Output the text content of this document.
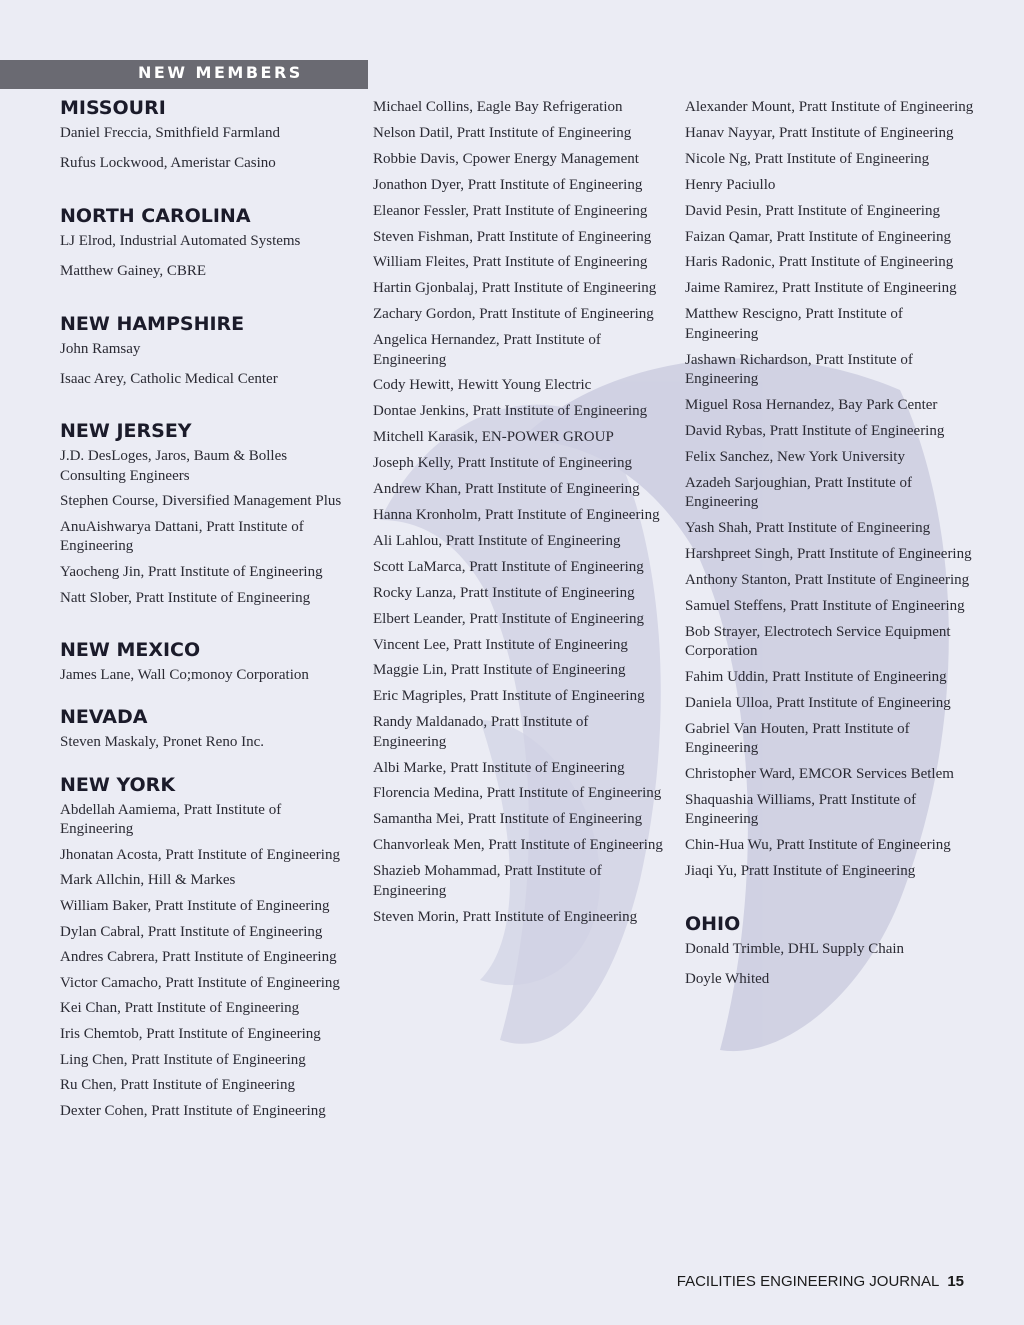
NEW MEMBERS
MISSOURI
Daniel Freccia, Smithfield Farmland
Rufus Lockwood, Ameristar Casino
NORTH CAROLINA
LJ Elrod, Industrial Automated Systems
Matthew Gainey, CBRE
NEW HAMPSHIRE
John Ramsay
Isaac Arey, Catholic Medical Center
NEW JERSEY
J.D. DesLoges, Jaros, Baum & Bolles Consulting Engineers
Stephen Course, Diversified Management Plus
AnuAishwarya Dattani, Pratt Institute of Engineering
Yaocheng Jin, Pratt Institute of Engineering
Natt Slober, Pratt Institute of Engineering
NEW MEXICO
James Lane, Wall Co;monoy Corporation
NEVADA
Steven Maskaly, Pronet Reno Inc.
NEW YORK
Abdellah Aamiema, Pratt Institute of Engineering
Jhonatan Acosta, Pratt Institute of Engineering
Mark Allchin, Hill & Markes
William Baker, Pratt Institute of Engineering
Dylan Cabral, Pratt Institute of Engineering
Andres Cabrera, Pratt Institute of Engineering
Victor Camacho, Pratt Institute of Engineering
Kei Chan, Pratt Institute of Engineering
Iris Chemtob, Pratt Institute of Engineering
Ling Chen, Pratt Institute of Engineering
Ru Chen, Pratt Institute of Engineering
Dexter Cohen, Pratt Institute of Engineering
Michael Collins, Eagle Bay Refrigeration
Nelson Datil, Pratt Institute of Engineering
Robbie Davis, Cpower Energy Management
Jonathon Dyer, Pratt Institute of Engineering
Eleanor Fessler, Pratt Institute of Engineering
Steven Fishman, Pratt Institute of Engineering
William Fleites, Pratt Institute of Engineering
Hartin Gjonbalaj, Pratt Institute of Engineering
Zachary Gordon, Pratt Institute of Engineering
Angelica Hernandez, Pratt Institute of Engineering
Cody Hewitt, Hewitt Young Electric
Dontae Jenkins, Pratt Institute of Engineering
Mitchell Karasik, EN-POWER GROUP
Joseph Kelly, Pratt Institute of Engineering
Andrew Khan, Pratt Institute of Engineering
Hanna Kronholm, Pratt Institute of Engineering
Ali Lahlou, Pratt Institute of Engineering
Scott LaMarca, Pratt Institute of Engineering
Rocky Lanza, Pratt Institute of Engineering
Elbert Leander, Pratt Institute of Engineering
Vincent Lee, Pratt Institute of Engineering
Maggie Lin, Pratt Institute of Engineering
Eric Magriples, Pratt Institute of Engineering
Randy Maldanado, Pratt Institute of Engineering
Albi Marke, Pratt Institute of Engineering
Florencia Medina, Pratt Institute of Engineering
Samantha Mei, Pratt Institute of Engineering
Chanvorleak Men, Pratt Institute of Engineering
Shazieb Mohammad, Pratt Institute of Engineering
Steven Morin, Pratt Institute of Engineering
Alexander Mount, Pratt Institute of Engineering
Hanav Nayyar, Pratt Institute of Engineering
Nicole Ng, Pratt Institute of Engineering
Henry Paciullo
David Pesin, Pratt Institute of Engineering
Faizan Qamar, Pratt Institute of Engineering
Haris Radonic, Pratt Institute of Engineering
Jaime Ramirez, Pratt Institute of Engineering
Matthew Rescigno, Pratt Institute of Engineering
Jashawn Richardson, Pratt Institute of Engineering
Miguel Rosa Hernandez, Bay Park Center
David Rybas, Pratt Institute of Engineering
Felix Sanchez, New York University
Azadeh Sarjoughian, Pratt Institute of Engineering
Yash Shah, Pratt Institute of Engineering
Harshpreet Singh, Pratt Institute of Engineering
Anthony Stanton, Pratt Institute of Engineering
Samuel Steffens, Pratt Institute of Engineering
Bob Strayer, Electrotech Service Equipment Corporation
Fahim Uddin, Pratt Institute of Engineering
Daniela Ulloa, Pratt Institute of Engineering
Gabriel Van Houten, Pratt Institute of Engineering
Christopher Ward, EMCOR Services Betlem
Shaquashia Williams, Pratt Institute of Engineering
Chin-Hua Wu, Pratt Institute of Engineering
Jiaqi Yu, Pratt Institute of Engineering
OHIO
Donald Trimble, DHL Supply Chain
Doyle Whited
FACILITIES ENGINEERING JOURNAL 15
